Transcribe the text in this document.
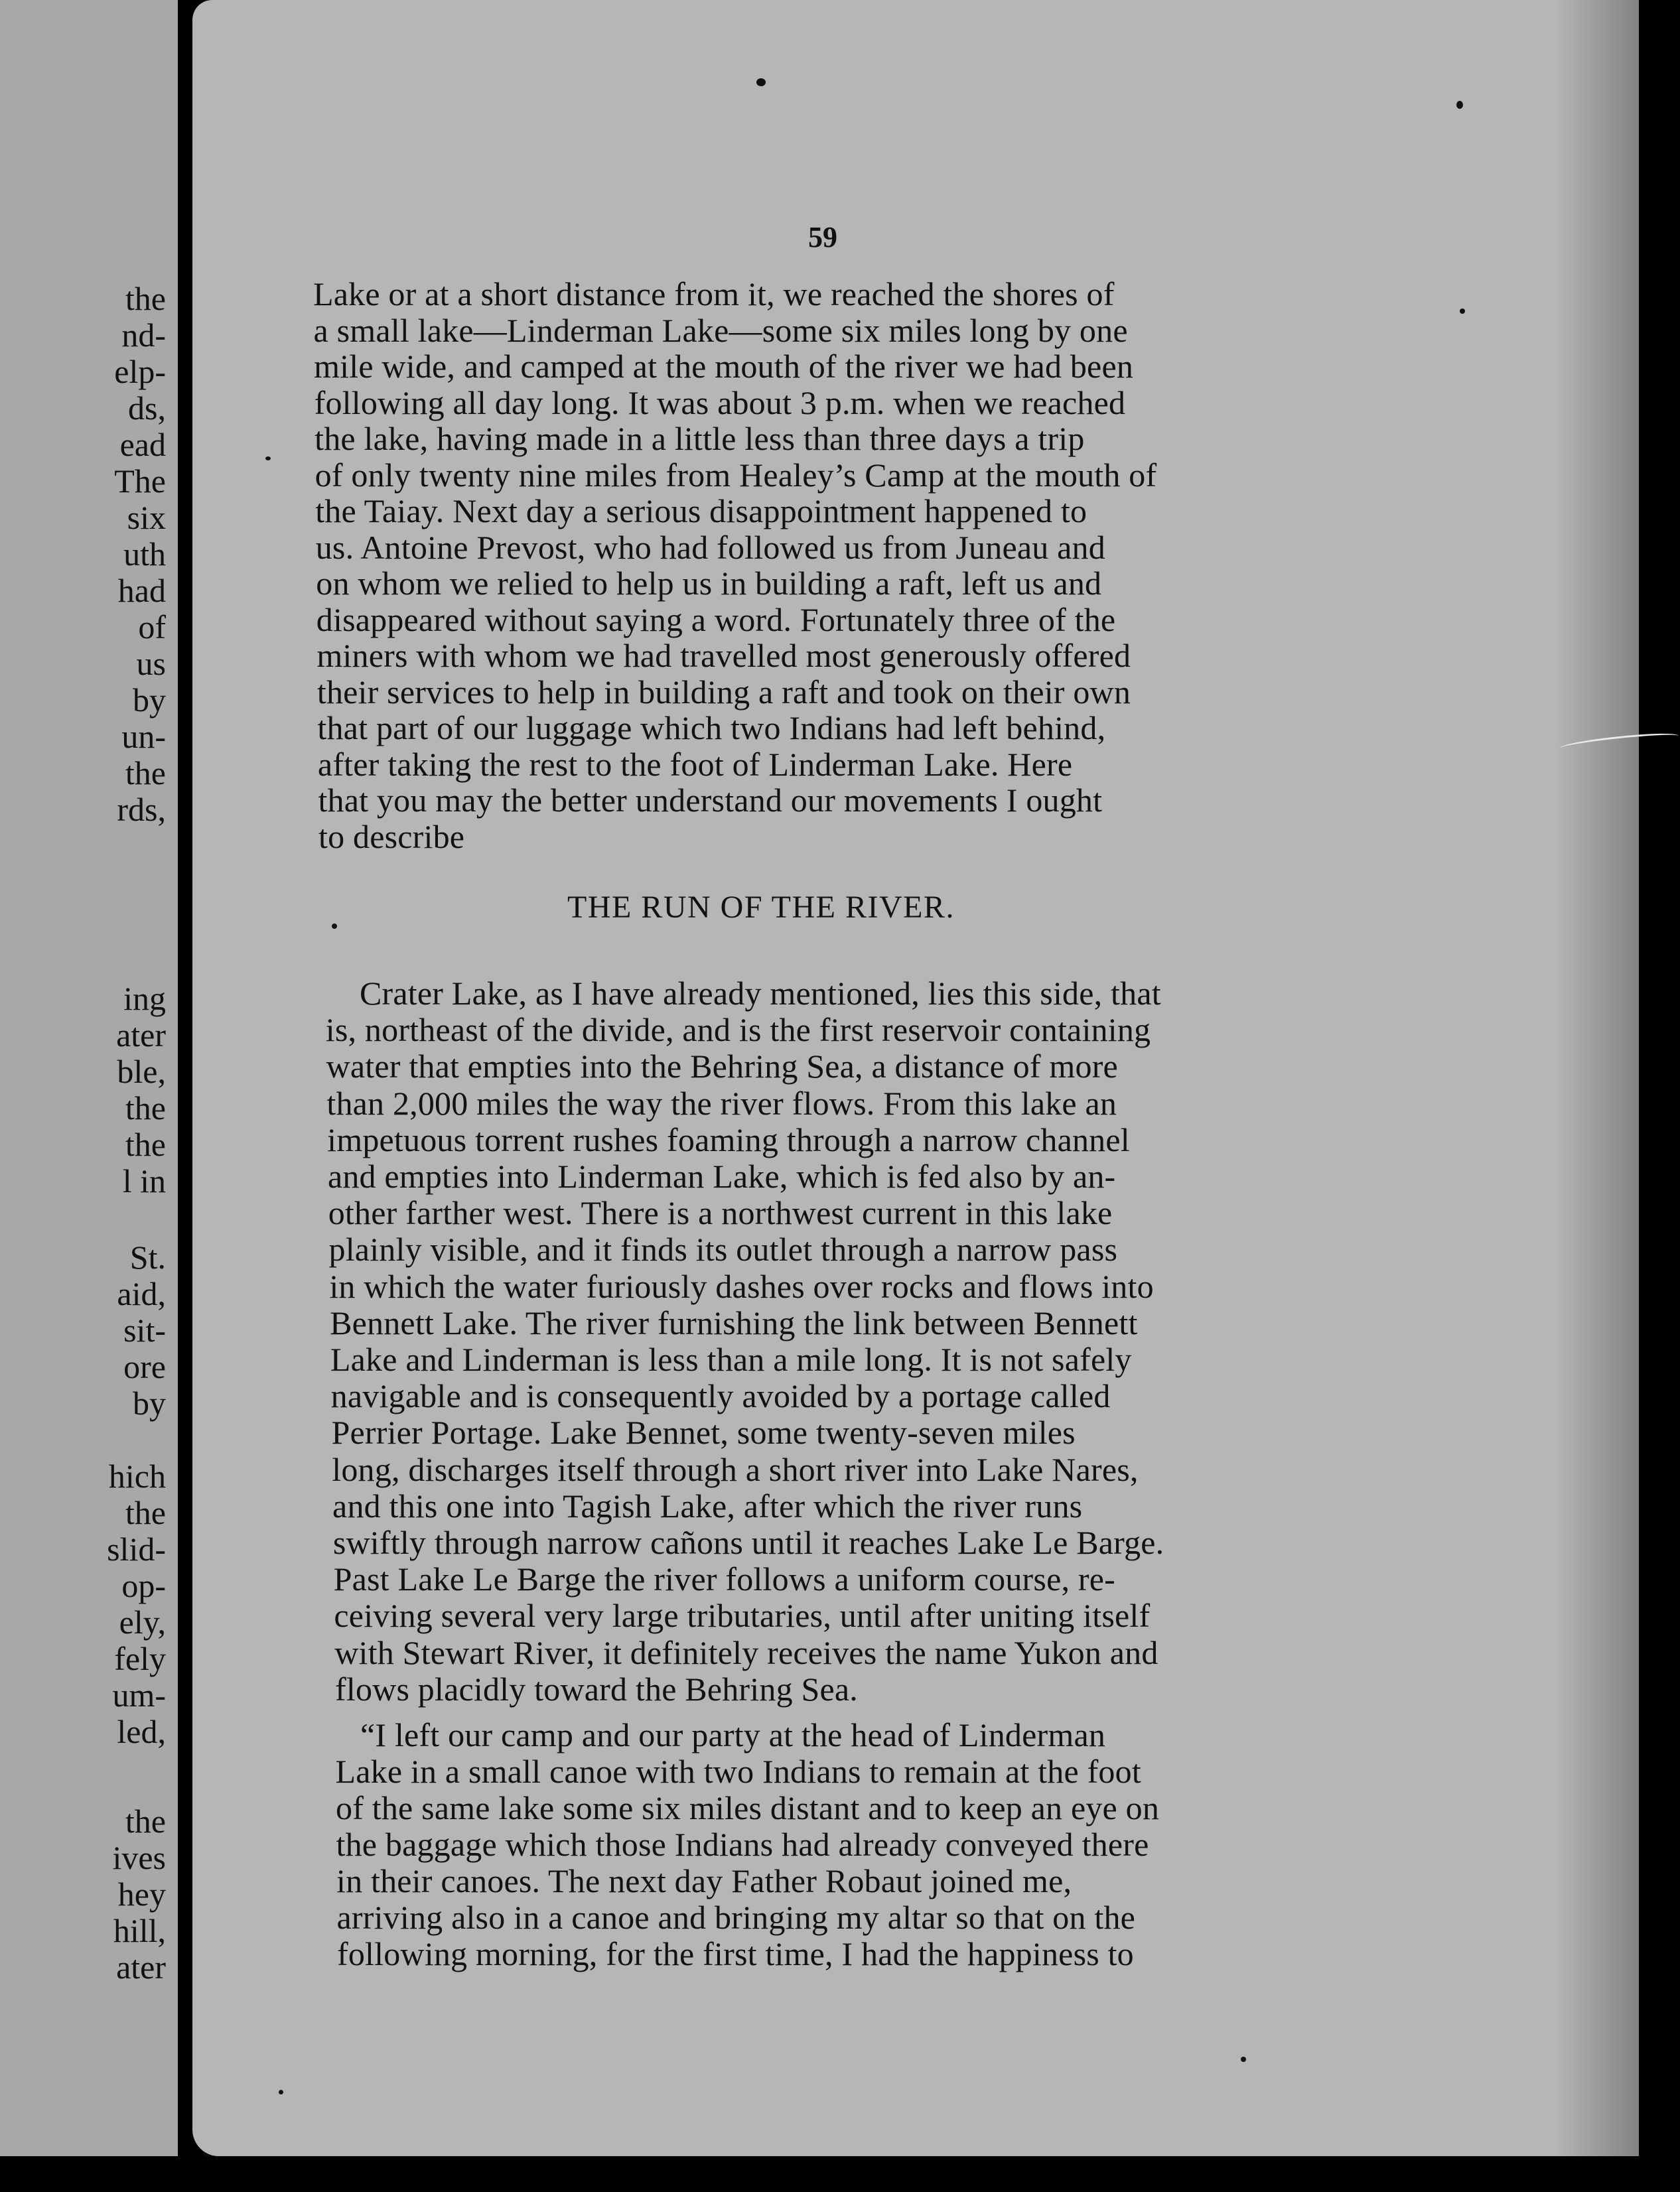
the
nd-
elp-
ds,
ead
The
six
uth
had
of
us
by
un-
the
rds,
ing
ater
ble,
the
the
l in
St.
aid,
sit-
ore
by
hich
the
slid-
op-
ely,
fely
um-
led,
the
ives
hey
hill,
ater
59
Lake or at a short distance from it, we reached the shores of
a small lake—Linderman Lake—some six miles long by one
mile wide, and camped at the mouth of the river we had been
following all day long. It was about 3 p.m. when we reached
the lake, having made in a little less than three days a trip
of only twenty nine miles from Healey’s Camp at the mouth of
the Taiay. Next day a serious disappointment happened to
us. Antoine Prevost, who had followed us from Juneau and
on whom we relied to help us in building a raft, left us and
disappeared without saying a word. Fortunately three of the
miners with whom we had travelled most generously offered
their services to help in building a raft and took on their own
that part of our luggage which two Indians had left behind,
after taking the rest to the foot of Linderman Lake. Here
that you may the better understand our movements I ought
to describe
Crater Lake, as I have already mentioned, lies this side, that
is, northeast of the divide, and is the first reservoir containing
water that empties into the Behring Sea, a distance of more
than 2,000 miles the way the river flows. From this lake an
impetuous torrent rushes foaming through a narrow channel
and empties into Linderman Lake, which is fed also by an-
other farther west. There is a northwest current in this lake
plainly visible, and it finds its outlet through a narrow pass
in which the water furiously dashes over rocks and flows into
Bennett Lake. The river furnishing the link between Bennett
Lake and Linderman is less than a mile long. It is not safely
navigable and is consequently avoided by a portage called
Perrier Portage. Lake Bennet, some twenty-seven miles
long, discharges itself through a short river into Lake Nares,
and this one into Tagish Lake, after which the river runs
swiftly through narrow cañons until it reaches Lake Le Barge.
Past Lake Le Barge the river follows a uniform course, re-
ceiving several very large tributaries, until after uniting itself
with Stewart River, it definitely receives the name Yukon and
flows placidly toward the Behring Sea.
“I left our camp and our party at the head of Linderman
Lake in a small canoe with two Indians to remain at the foot
of the same lake some six miles distant and to keep an eye on
the baggage which those Indians had already conveyed there
in their canoes. The next day Father Robaut joined me,
arriving also in a canoe and bringing my altar so that on the
following morning, for the first time, I had the happiness to
THE RUN OF THE RIVER.
